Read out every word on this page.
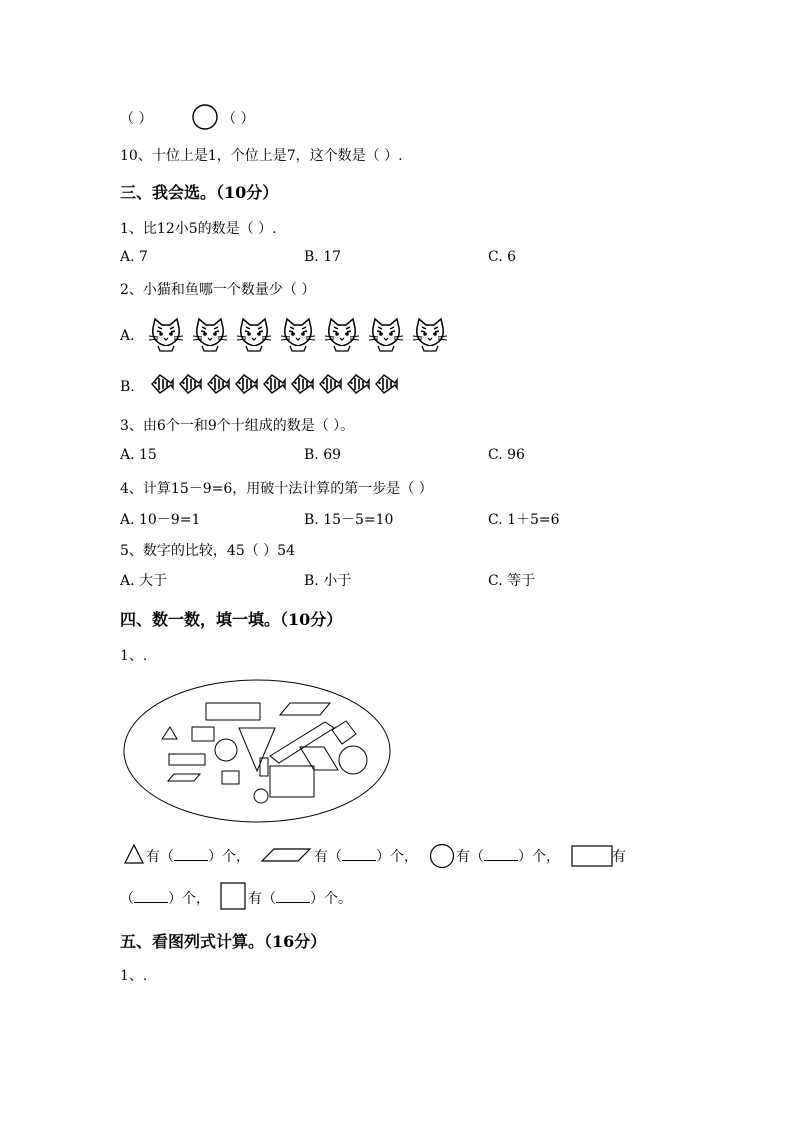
（ ）	（ ）
10、十位上是1，个位上是7，这个数是（ ）.
三、我会选。（10分）
1、比12小5的数是（ ）.
A. 7	B. 17	C. 6
2、小猫和鱼哪一个数量少（ ）
A.
B.
3、由6个一和9个十组成的数是（ ）。
A. 15	B. 69	C. 96
4、计算15－9=6，用破十法计算的第一步是（ ）
A. 10－9=1	B. 15－5=10	C. 1＋5=6
5、数字的比较，45（ ）54
A. 大于	B. 小于	C. 等于
四、数一数，填一填。（10分）
1、.
有（ ）个，	有（ ）个，	有（ ）个，	有
（ ）个，	有（ ）个。
五、看图列式计算。（16分）
1、.
